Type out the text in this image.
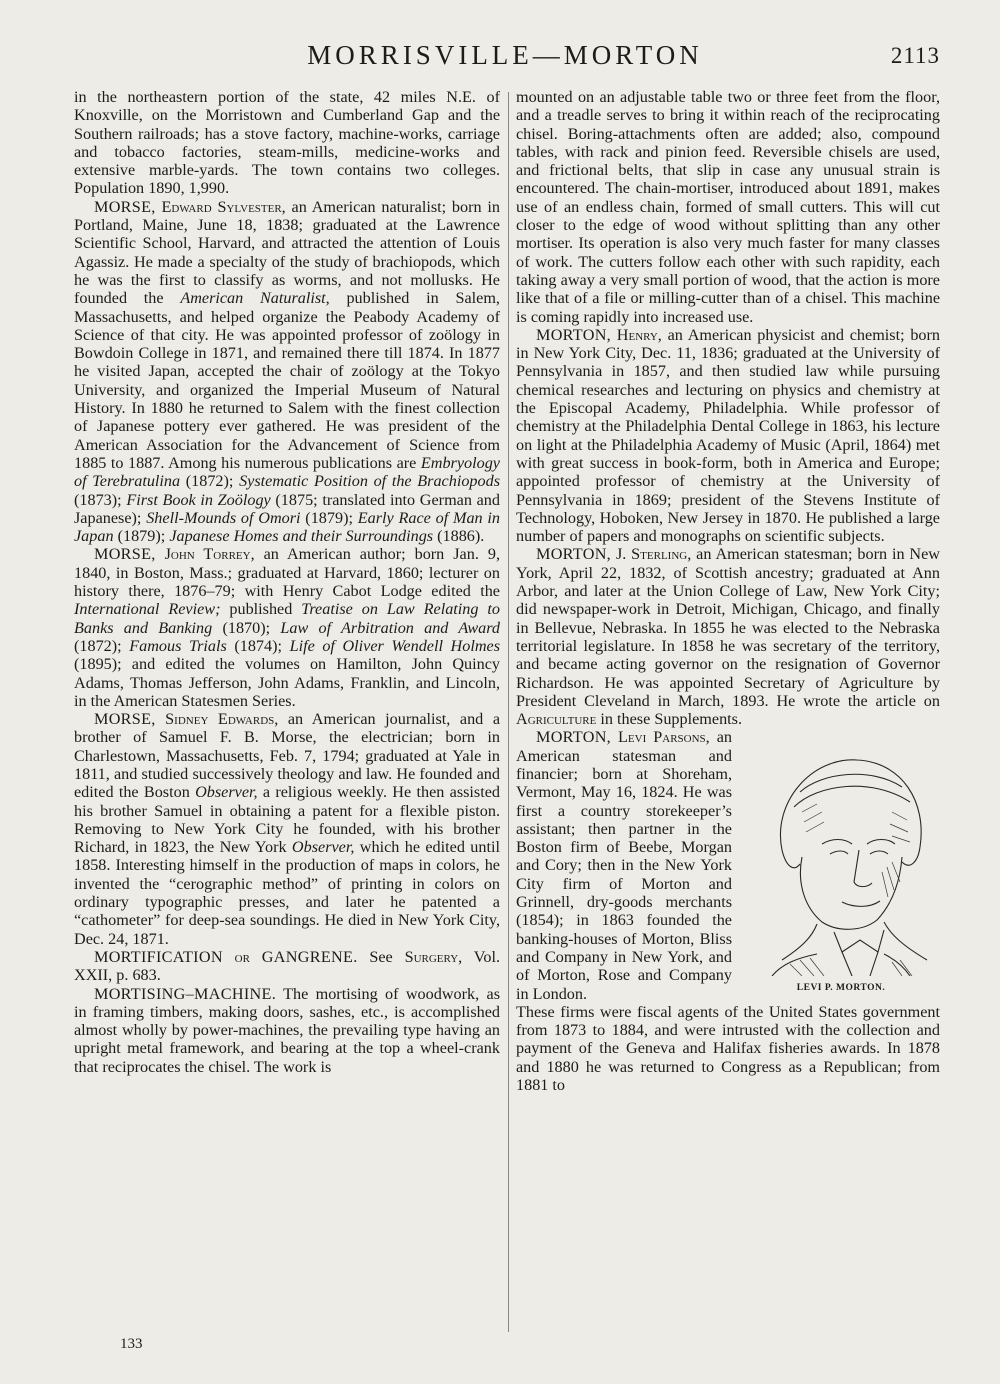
MORRISVILLE—MORTON	2113

in the northeastern portion of the state, 42 miles N.E. of Knoxville, on the Morristown and Cumberland Gap and the Southern railroads; has a stove factory, machine-works, carriage and tobacco factories, steam-mills, medicine-works and extensive marble-yards. The town contains two colleges. Population 1890, 1,990.

MORSE, Edward Sylvester, an American naturalist; born in Portland, Maine, June 18, 1838; graduated at the Lawrence Scientific School, Harvard, and attracted the attention of Louis Agassiz. He made a specialty of the study of brachiopods, which he was the first to classify as worms, and not mollusks. He founded the American Naturalist, published in Salem, Massachusetts, and helped organize the Peabody Academy of Science of that city. He was appointed professor of zoölogy in Bowdoin College in 1871, and remained there till 1874. In 1877 he visited Japan, accepted the chair of zoölogy at the Tokyo University, and organized the Imperial Museum of Natural History. In 1880 he returned to Salem with the finest collection of Japanese pottery ever gathered. He was president of the American Association for the Advancement of Science from 1885 to 1887. Among his numerous publications are Embryology of Terebratulina (1872); Systematic Position of the Brachiopods (1873); First Book in Zoölogy (1875; translated into German and Japanese); Shell-Mounds of Omori (1879); Early Race of Man in Japan (1879); Japanese Homes and their Surroundings (1886).

MORSE, John Torrey, an American author; born Jan. 9, 1840, in Boston, Mass.; graduated at Harvard, 1860; lecturer on history there, 1876–79; with Henry Cabot Lodge edited the International Review; published Treatise on Law Relating to Banks and Banking (1870); Law of Arbitration and Award (1872); Famous Trials (1874); Life of Oliver Wendell Holmes (1895); and edited the volumes on Hamilton, John Quincy Adams, Thomas Jefferson, John Adams, Franklin, and Lincoln, in the American Statesmen Series.

MORSE, Sidney Edwards, an American journalist, and a brother of Samuel F. B. Morse, the electrician; born in Charlestown, Massachusetts, Feb. 7, 1794; graduated at Yale in 1811, and studied successively theology and law. He founded and edited the Boston Observer, a religious weekly. He then assisted his brother Samuel in obtaining a patent for a flexible piston. Removing to New York City he founded, with his brother Richard, in 1823, the New York Observer, which he edited until 1858. Interesting himself in the production of maps in colors, he invented the “cerographic method” of printing in colors on ordinary typographic presses, and later he patented a “cathometer” for deep-sea soundings. He died in New York City, Dec. 24, 1871.

MORTIFICATION or GANGRENE. See Surgery, Vol. XXII, p. 683.

MORTISING–MACHINE. The mortising of woodwork, as in framing timbers, making doors, sashes, etc., is accomplished almost wholly by power-machines, the prevailing type having an upright metal framework, and bearing at the top a wheel-crank that reciprocates the chisel. The work is

mounted on an adjustable table two or three feet from the floor, and a treadle serves to bring it within reach of the reciprocating chisel. Boring-attachments often are added; also, compound tables, with rack and pinion feed. Reversible chisels are used, and frictional belts, that slip in case any unusual strain is encountered. The chain-mortiser, introduced about 1891, makes use of an endless chain, formed of small cutters. This will cut closer to the edge of wood without splitting than any other mortiser. Its operation is also very much faster for many classes of work. The cutters follow each other with such rapidity, each taking away a very small portion of wood, that the action is more like that of a file or milling-cutter than of a chisel. This machine is coming rapidly into increased use.

MORTON, Henry, an American physicist and chemist; born in New York City, Dec. 11, 1836; graduated at the University of Pennsylvania in 1857, and then studied law while pursuing chemical researches and lecturing on physics and chemistry at the Episcopal Academy, Philadelphia. While professor of chemistry at the Philadelphia Dental College in 1863, his lecture on light at the Philadelphia Academy of Music (April, 1864) met with great success in book-form, both in America and Europe; appointed professor of chemistry at the University of Pennsylvania in 1869; president of the Stevens Institute of Technology, Hoboken, New Jersey in 1870. He published a large number of papers and monographs on scientific subjects.

MORTON, J. Sterling, an American statesman; born in New York, April 22, 1832, of Scottish ancestry; graduated at Ann Arbor, and later at the Union College of Law, New York City; did newspaper-work in Detroit, Michigan, Chicago, and finally in Bellevue, Nebraska. In 1855 he was elected to the Nebraska territorial legislature. In 1858 he was secretary of the territory, and became acting governor on the resignation of Governor Richardson. He was appointed Secretary of Agriculture by President Cleveland in March, 1893. He wrote the article on Agriculture in these Supplements.

LEVI P. MORTON.

MORTON, Levi Parsons, an American statesman and financier; born at Shoreham, Vermont, May 16, 1824. He was first a country storekeeper’s assistant; then partner in the Boston firm of Beebe, Morgan and Cory; then in the New York City firm of Morton and Grinnell, dry-goods merchants (1854); in 1863 founded the banking-houses of Morton, Bliss and Company in New York, and of Morton, Rose and Company in London.

These firms were fiscal agents of the United States government from 1873 to 1884, and were intrusted with the collection and payment of the Geneva and Halifax fisheries awards. In 1878 and 1880 he was returned to Congress as a Republican; from 1881 to

133
